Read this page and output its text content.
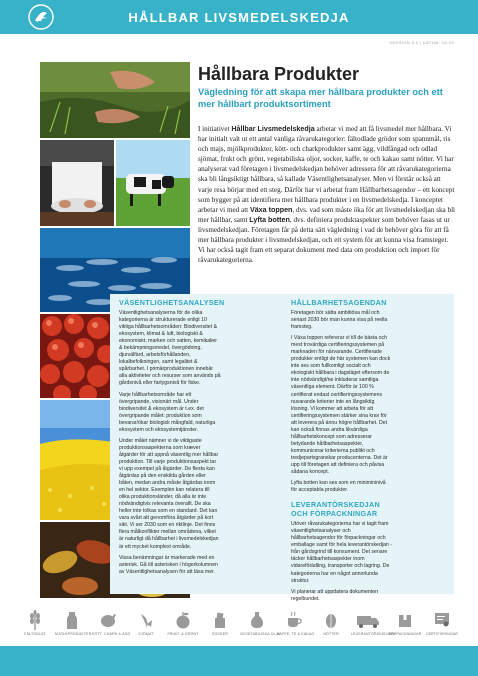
HÅLLBAR LIVSMEDELSKEDJA
VERSION 3.0 | DATUM: 18-09
Hållbara Produkter
Vägledning för att skapa mer hållbara produkter och ett mer hållbart produktsortiment
I initiativet Hållbar Livsmedelskedja arbetar vi med att få livsmedel mer hållbara. Vi har initialt valt ut ett antal vanliga råvarukategorier: fältodlade grödor som spannmål, ris och majs, mjölkprodukter, kött- och charkprodukter samt ägg, vildfångad och odlad sjömat, frukt och grönt, vegetabiliska oljor, socker, kaffe, te och kakao samt nötter. Vi har analyserat vad företagen i livsmedelskedjan behöver adressera för att råvarukategorierna ska bli långsiktigt hållbara, så kallade Väsentlighetsanalyser. Men vi förstår också att varje resa börjar med ett steg. Därför har vi arbetat fram Hållbarhetsagendor – ett koncept som bygger på att identifiera mer hållbara produkter i en livsmedelskedja. I konceptet arbetar vi med att Växa toppen, dvs. vad som måste öka för att livsmedelskedjan ska bli mer hållbar, samt Lyfta botten, dvs. definiera produktaspekter som behöver fasas ut ur livsmedelskedjan. Företagen får på detta sätt vägledning i vad de behöver göra för att få mer hållbara produkter i livsmedelskedjan, och ett system för att kunna visa framsteget. Vi har också tagit fram ett separat dokument med data om produktion och import för råvarukategorierna.
VÄSENTLIGHETSANALYSEN

Väsentlighetsanalyserna för de olika kategorierna är strukturerade enligt 10 viktiga hållbarhetsområden: Biodiversitet & ekosystem, klimat & luft, biologiskt & ekonomiskt, marken och vatten, kemikalier & bekämpningsmedel, övergödning, djurvälfärd, arbetsförhållanden, lokalbefolkningen, samt legalitet & spårbarhet. I primärproduktionen innebär alla aktiviteter och resurser som används på gårdsnivå eller fartygsnivå för fiske.

Varje hållbarhetsområde har ett övergripande, visionärt mål. Under biodiversitet & ekosystem är t.ex. det övergripande målet: produktion som bevarar/ökar biologisk mångfald, naturliga ekosystem och ekosystemtjänster.

Under målet nämner vi de viktigaste produktionsaspekterna som kræver åtgärder för att uppnå väsentlig mer hållbar produktion. Till varje produktionsaspekt tar vi upp exempel på åtgärder. De flesta kan åtgärdas på den enskilda gården eller båten, medan andra måste åtgärdas inom en hel sektor. Exemplen kan relatera till olika produktionsländer, då alla är inte nödvändigtvis relevanta överallt. De ska heller inte tolkas som en standard. Det kan vara svårt att genomföra åtgärder på kort sikt. Vi ser 2030 som en riktlinje. Det finns flera målkonflikter mellan områdena, vilket är naturligt då hållbarhet i livsmedelskedjan är ett mycket komplext område.

Vissa benämningar är markerade med en asterisk. Gå till asterisken i högerkolumnen av Väsentlighetsanalysen för att läsa mer.

HÅLLBARHETSAGENDAN

Företagen bör sätta ambitiösa mål och senast 2030 bör man kunna visa på reella framsteg.

I Växa toppen refererar vi till de bästa och mest trovärdiga certifieringssystemen på marknaden för närvarande. Certifierade produkter entligt de här systemen kan dock inte ses som fullkomligt socialt och ekologiskt hållbara i dagsläget eftersom de inte nödvändigt/ne inkluderar samtliga väsentliga element. Därför är 100 % certifierat endast certifieringssystemens nuvarande kriterier inte en långsiktig lösning. Vi kommer att arbeta för att certifieringssystemen stärker sina krav för att leverera på ännu högre hållbarhet. Det kan också finnas andra likvärdiga hållbarhetskoncept som adresserar betydande hållbarhetsaspekter, kommunicerar kriterierna publikt och tredjepartsgranskar producenterna. Det är upp till företagen att definiera och påvisa sådana koncept.

Lyfta botten kan ses som en minimininivå för acceptabla produkter.

LEVERANTÖRSKEDJAN OCH FÖRPACKNINGAR

Utöver råvarukategorierna har vi tagit fram väsentlighetsanalyser och hållbarhetsagendor för förpackningar och emballage samt för hela leverantörskedjan - från gårdsgrind till konsument. Det senare täcker hållbarhetsaspekter inom vidareförädling, transporter och lagring. De kategorierna har en något annorlunda struktur.

Vi planerar att uppdatera dokumenten regelbundet.

FÄLTODLAT	MJÖLKPRODUKTER KÖTT, CHARK & ÄGG	SJÖMAT	FRUKT & GRÖNT	SOCKER	VEGETABILISKA OLJA
KAFFE, TE & KAKAO	NÖTTER	LEVERANTÖRSKEDJAN
FÖRPACKNINGAR CERTIFIERINGAR
